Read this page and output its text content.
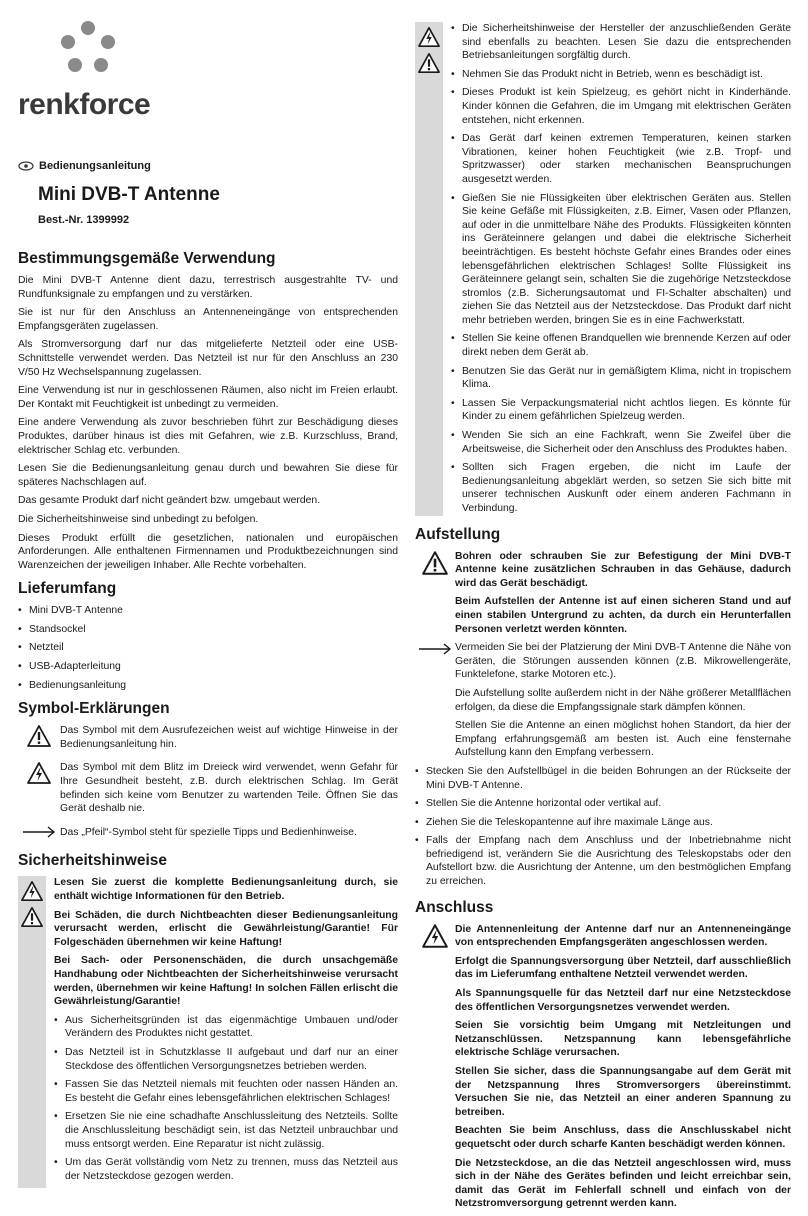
renkforce
Bedienungsanleitung
Mini DVB-T Antenne
Best.-Nr. 1399992
Bestimmungsgemäße Verwendung
Die Mini DVB-T Antenne dient dazu, terrestrisch ausgestrahlte TV- und Rundfunksignale zu empfangen und zu verstärken.
Sie ist nur für den Anschluss an Antenneneingänge von entsprechenden Empfangsgeräten zugelassen.
Als Stromversorgung darf nur das mitgelieferte Netzteil oder eine USB-Schnittstelle verwendet werden. Das Netzteil ist nur für den Anschluss an 230 V/50 Hz Wechselspannung zugelassen.
Eine Verwendung ist nur in geschlossenen Räumen, also nicht im Freien erlaubt. Der Kontakt mit Feuchtigkeit ist unbedingt zu vermeiden.
Eine andere Verwendung als zuvor beschrieben führt zur Beschädigung dieses Produktes, darüber hinaus ist dies mit Gefahren, wie z.B. Kurzschluss, Brand, elektrischer Schlag etc. verbunden.
Lesen Sie die Bedienungsanleitung genau durch und bewahren Sie diese für späteres Nachschlagen auf.
Das gesamte Produkt darf nicht geändert bzw. umgebaut werden.
Die Sicherheitshinweise sind unbedingt zu befolgen.
Dieses Produkt erfüllt die gesetzlichen, nationalen und europäischen Anforderungen. Alle enthaltenen Firmennamen und Produktbezeichnungen sind Warenzeichen der jeweiligen Inhaber. Alle Rechte vorbehalten.
Lieferumfang
• Mini DVB-T Antenne
• Standsockel
• Netzteil
• USB-Adapterleitung
• Bedienungsanleitung
Symbol-Erklärungen
Das Symbol mit dem Ausrufezeichen weist auf wichtige Hinweise in der Bedienungsanleitung hin.
Das Symbol mit dem Blitz im Dreieck wird verwendet, wenn Gefahr für Ihre Gesundheit besteht, z.B. durch elektrischen Schlag. Im Gerät befinden sich keine vom Benutzer zu wartenden Teile. Öffnen Sie das Gerät deshalb nie.
Das „Pfeil“-Symbol steht für spezielle Tipps und Bedienhinweise.
Sicherheitshinweise
Lesen Sie zuerst die komplette Bedienungsanleitung durch, sie enthält wichtige Informationen für den Betrieb.
Bei Schäden, die durch Nichtbeachten dieser Bedienungsanleitung verursacht werden, erlischt die Gewährleistung/Garantie! Für Folgeschäden übernehmen wir keine Haftung!
Bei Sach- oder Personenschäden, die durch unsachgemäße Handhabung oder Nichtbeachten der Sicherheitshinweise verursacht werden, übernehmen wir keine Haftung! In solchen Fällen erlischt die Gewährleistung/Garantie!
• Aus Sicherheitsgründen ist das eigenmächtige Umbauen und/oder Verändern des Produktes nicht gestattet.
• Das Netzteil ist in Schutzklasse II aufgebaut und darf nur an einer Steckdose des öffentlichen Versorgungsnetzes betrieben werden.
• Fassen Sie das Netzteil niemals mit feuchten oder nassen Händen an. Es besteht die Gefahr eines lebensgefährlichen elektrischen Schlages!
• Ersetzen Sie nie eine schadhafte Anschlussleitung des Netzteils. Sollte die Anschlussleitung beschädigt sein, ist das Netzteil unbrauchbar und muss entsorgt werden. Eine Reparatur ist nicht zulässig.
• Um das Gerät vollständig vom Netz zu trennen, muss das Netzteil aus der Netzsteckdose gezogen werden.
• Die Sicherheitshinweise der Hersteller der anzuschließenden Geräte sind ebenfalls zu beachten. Lesen Sie dazu die entsprechenden Betriebsanleitungen sorgfältig durch.
• Nehmen Sie das Produkt nicht in Betrieb, wenn es beschädigt ist.
• Dieses Produkt ist kein Spielzeug, es gehört nicht in Kinderhände. Kinder können die Gefahren, die im Umgang mit elektrischen Geräten entstehen, nicht erkennen.
• Das Gerät darf keinen extremen Temperaturen, keinen starken Vibrationen, keiner hohen Feuchtigkeit (wie z.B. Tropf- und Spritzwasser) oder starken mechanischen Beanspruchungen ausgesetzt werden.
• Gießen Sie nie Flüssigkeiten über elektrischen Geräten aus. Stellen Sie keine Gefäße mit Flüssigkeiten, z.B. Eimer, Vasen oder Pflanzen, auf oder in die unmittelbare Nähe des Produkts. Flüssigkeiten könnten ins Geräteinnere gelangen und dabei die elektrische Sicherheit beeinträchtigen. Es besteht höchste Gefahr eines Brandes oder eines lebensgefährlichen elektrischen Schlages! Sollte Flüssigkeit ins Geräteinnere gelangt sein, schalten Sie die zugehörige Netzsteckdose stromlos (z.B. Sicherungsautomat und FI-Schalter abschalten) und ziehen Sie das Netzteil aus der Netzsteckdose. Das Produkt darf nicht mehr betrieben werden, bringen Sie es in eine Fachwerkstatt.
• Stellen Sie keine offenen Brandquellen wie brennende Kerzen auf oder direkt neben dem Gerät ab.
• Benutzen Sie das Gerät nur in gemäßigtem Klima, nicht in tropischem Klima.
• Lassen Sie Verpackungsmaterial nicht achtlos liegen. Es könnte für Kinder zu einem gefährlichen Spielzeug werden.
• Wenden Sie sich an eine Fachkraft, wenn Sie Zweifel über die Arbeitsweise, die Sicherheit oder den Anschluss des Produktes haben.
• Sollten sich Fragen ergeben, die nicht im Laufe der Bedienungsanleitung abgeklärt werden, so setzen Sie sich bitte mit unserer technischen Auskunft oder einem anderen Fachmann in Verbindung.
Aufstellung
Bohren oder schrauben Sie zur Befestigung der Mini DVB-T Antenne keine zusätzlichen Schrauben in das Gehäuse, dadurch wird das Gerät beschädigt.
Beim Aufstellen der Antenne ist auf einen sicheren Stand und auf einen stabilen Untergrund zu achten, da durch ein Herunterfallen Personen verletzt werden könnten.
Vermeiden Sie bei der Platzierung der Mini DVB-T Antenne die Nähe von Geräten, die Störungen aussenden können (z.B. Mikrowellengeräte, Funktelefone, starke Motoren etc.).
Die Aufstellung sollte außerdem nicht in der Nähe größerer Metallflächen erfolgen, da diese die Empfangssignale stark dämpfen können.
Stellen Sie die Antenne an einen möglichst hohen Standort, da hier der Empfang erfahrungsgemäß am besten ist. Auch eine fensternahe Aufstellung kann den Empfang verbessern.
• Stecken Sie den Aufstellbügel in die beiden Bohrungen an der Rückseite der Mini DVB-T Antenne.
• Stellen Sie die Antenne horizontal oder vertikal auf.
• Ziehen Sie die Teleskopantenne auf ihre maximale Länge aus.
• Falls der Empfang nach dem Anschluss und der Inbetriebnahme nicht befriedigend ist, verändern Sie die Ausrichtung des Teleskopstabs oder den Aufstellort bzw. die Ausrichtung der Antenne, um den bestmöglichen Empfang zu erreichen.
Anschluss
Die Antennenleitung der Antenne darf nur an Antenneneingänge von entsprechenden Empfangsgeräten angeschlossen werden.
Erfolgt die Spannungsversorgung über Netzteil, darf ausschließlich das im Lieferumfang enthaltene Netzteil verwendet werden.
Als Spannungsquelle für das Netzteil darf nur eine Netzsteckdose des öffentlichen Versorgungsnetzes verwendet werden.
Seien Sie vorsichtig beim Umgang mit Netzleitungen und Netzanschlüssen. Netzspannung kann lebensgefährliche elektrische Schläge verursachen.
Stellen Sie sicher, dass die Spannungsangabe auf dem Gerät mit der Netzspannung Ihres Stromversorgers übereinstimmt. Versuchen Sie nie, das Netzteil an einer anderen Spannung zu betreiben.
Beachten Sie beim Anschluss, dass die Anschlusskabel nicht gequetscht oder durch scharfe Kanten beschädigt werden können.
Die Netzsteckdose, an die das Netzteil angeschlossen wird, muss sich in der Nähe des Gerätes befinden und leicht erreichbar sein, damit das Gerät im Fehlerfall schnell und einfach von der Netzstromversorgung getrennt werden kann.
